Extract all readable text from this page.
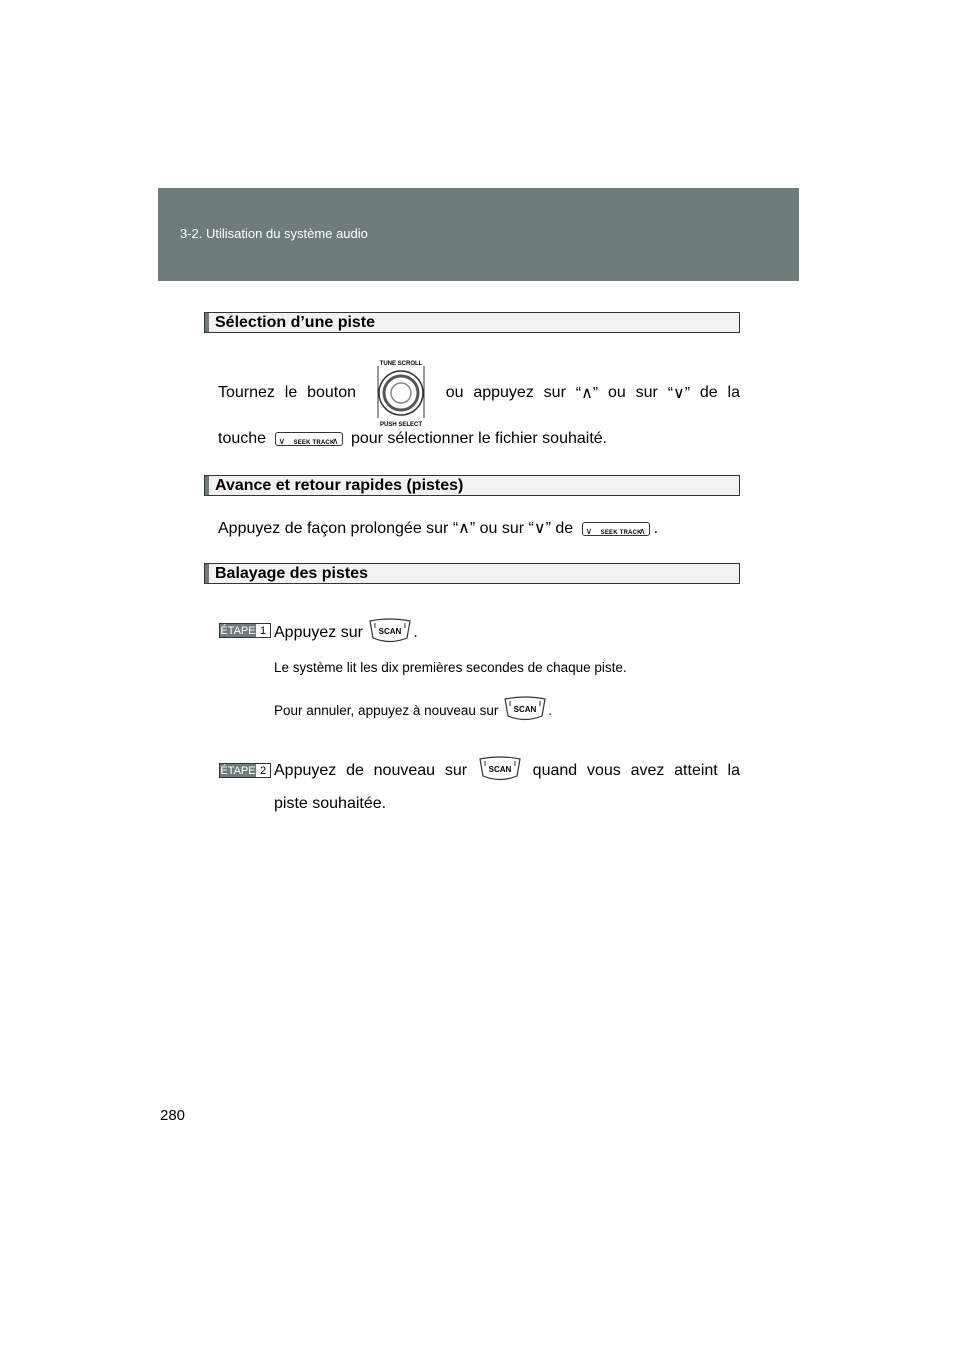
3-2. Utilisation du système audio
Sélection d’une piste
Tournez le bouton
TUNE SCROLL
PUSH SELECT
ou appuyez sur “∧” ou sur “∨” de la
touche ∨ SEEK TRACK
∧ pour sélectionner le fichier souhaité.
Avance et retour rapides (pistes)
Appuyez de façon prolongée sur “∧” ou sur “∨” de ∨ SEEK TRACK
∧ .
Balayage des pistes
ÉTAPE 1 Appuyez sur SCAN .
Le système lit les dix premières secondes de chaque piste.
Pour annuler, appuyez à nouveau sur SCAN .
ÉTAPE 2 Appuyez de nouveau sur	SCAN quand vous avez atteint la
piste souhaitée.
280
